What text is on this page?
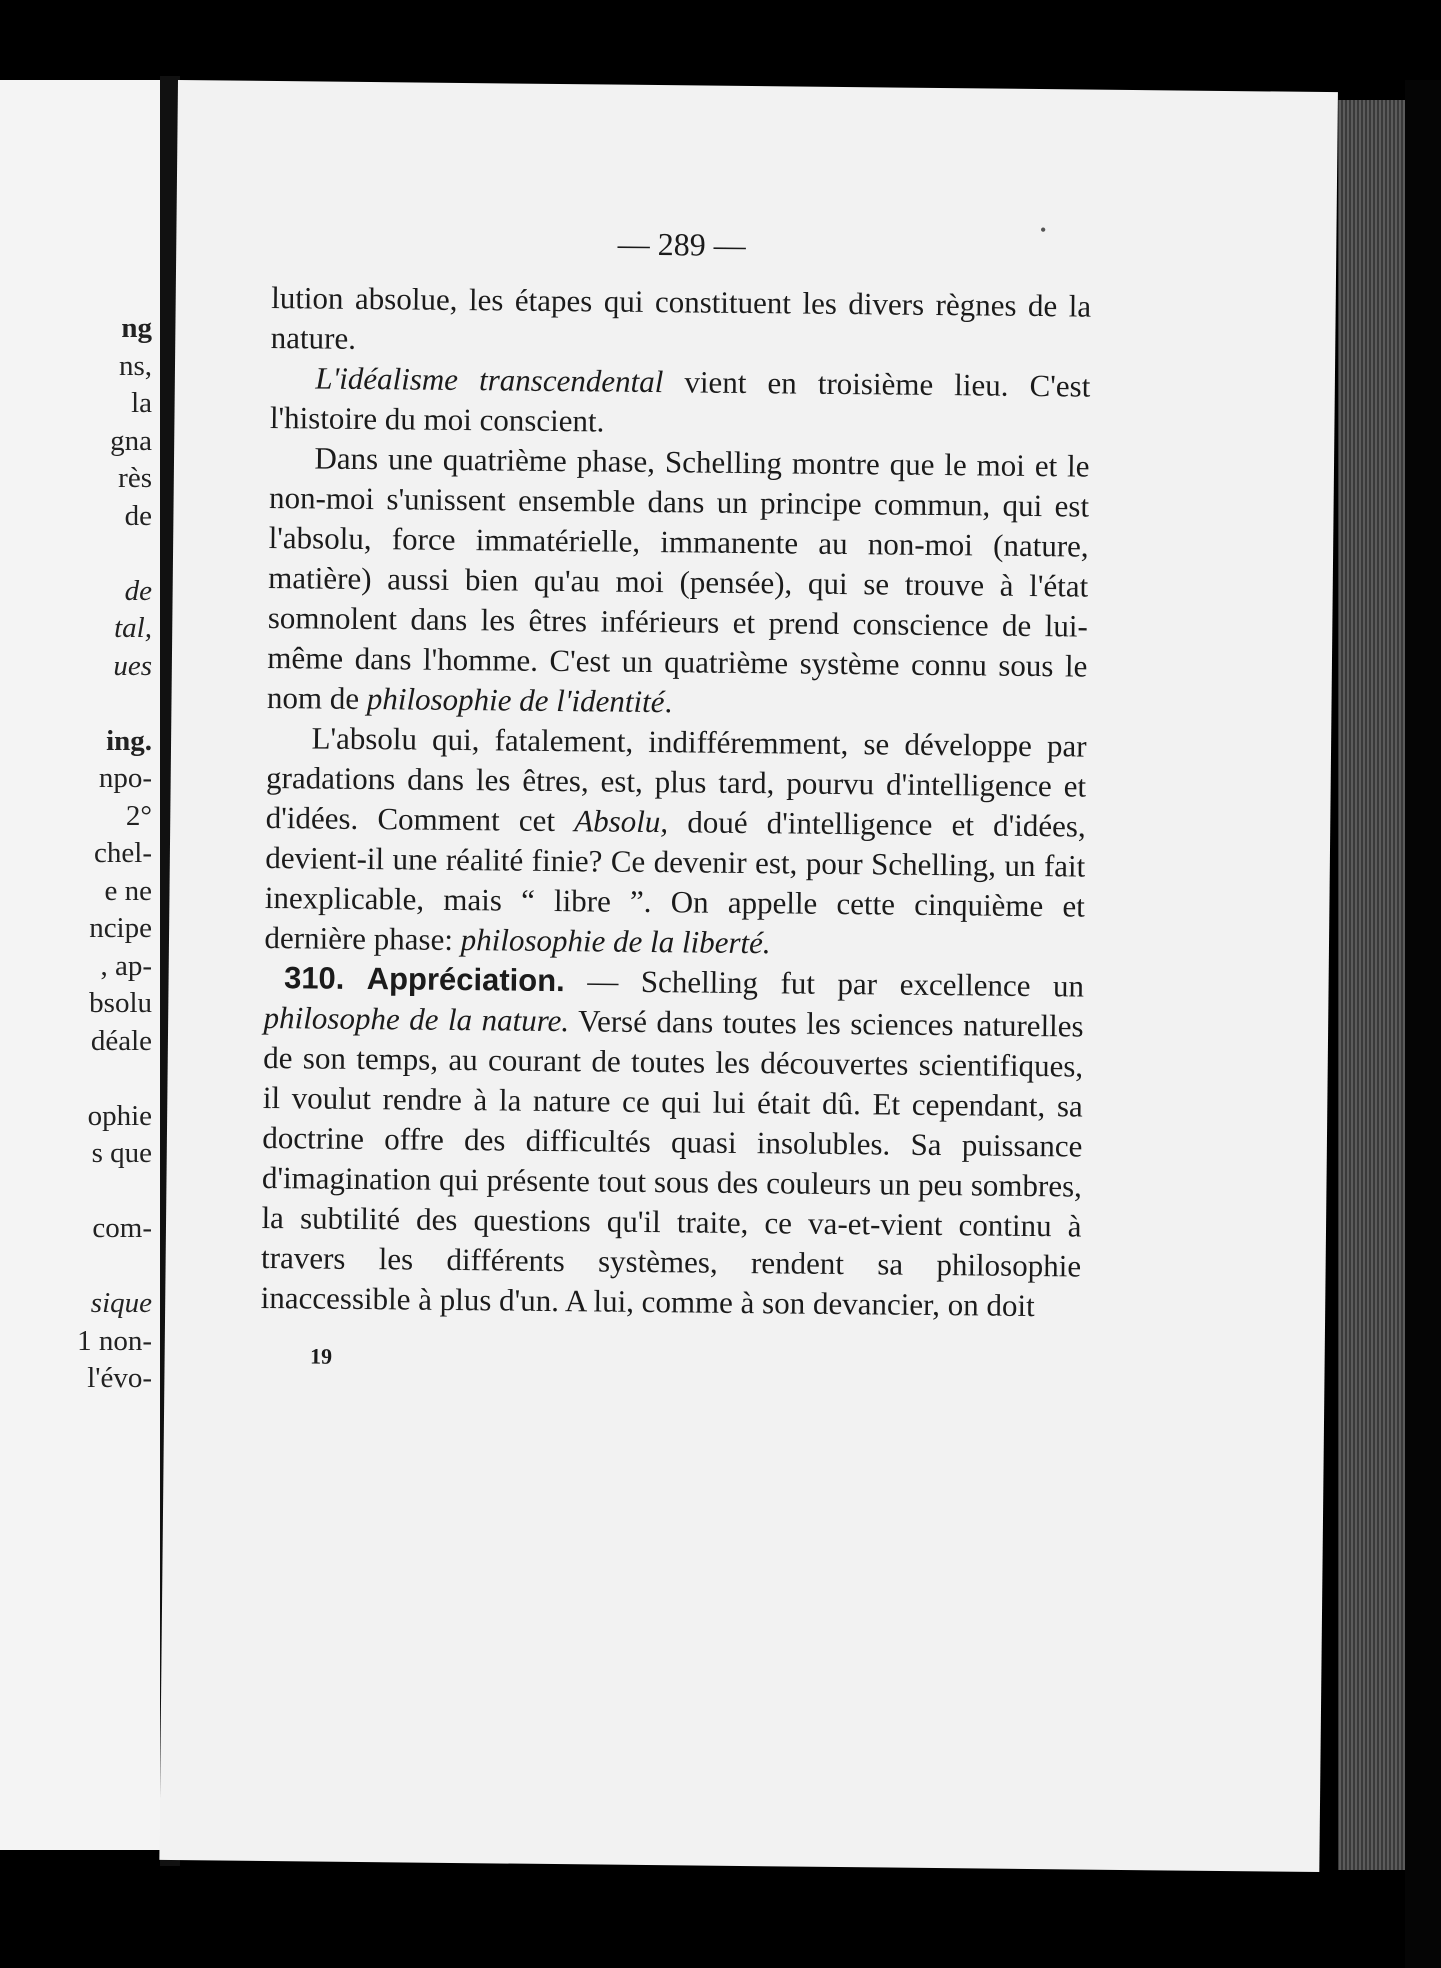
ng
ns,
la
gna
rès
de
de
tal,
ues
ing.
npo-
2°
chel-
e ne
ncipe
, ap-
bsolu
déale
ophie
s que
com-
sique
1 non-
l'évo-
— 289 —

lution absolue, les étapes qui constituent les divers règnes de la nature.

L'idéalisme transcendental vient en troisième lieu. C'est l'histoire du moi conscient.

Dans une quatrième phase, Schelling montre que le moi et le non-moi s'unissent ensemble dans un principe commun, qui est l'absolu, force immatérielle, immanente au non-moi (nature, matière) aussi bien qu'au moi (pensée), qui se trouve à l'état somnolent dans les êtres inférieurs et prend conscience de lui-même dans l'homme. C'est un quatrième système connu sous le nom de philosophie de l'identité.

L'absolu qui, fatalement, indifféremment, se développe par gradations dans les êtres, est, plus tard, pourvu d'intelligence et d'idées. Comment cet Absolu, doué d'intelligence et d'idées, devient-il une réalité finie? Ce devenir est, pour Schelling, un fait inexplicable, mais “ libre ”. On appelle cette cinquième et dernière phase: philosophie de la liberté.

310. Appréciation. — Schelling fut par excellence un philosophe de la nature. Versé dans toutes les sciences naturelles de son temps, au courant de toutes les découvertes scientifiques, il voulut rendre à la nature ce qui lui était dû. Et cependant, sa doctrine offre des difficultés quasi insolubles. Sa puissance d'imagination qui présente tout sous des couleurs un peu sombres, la subtilité des questions qu'il traite, ce va-et-vient continu à travers les différents systèmes, rendent sa philosophie inaccessible à plus d'un. A lui, comme à son devancier, on doit

19
•
